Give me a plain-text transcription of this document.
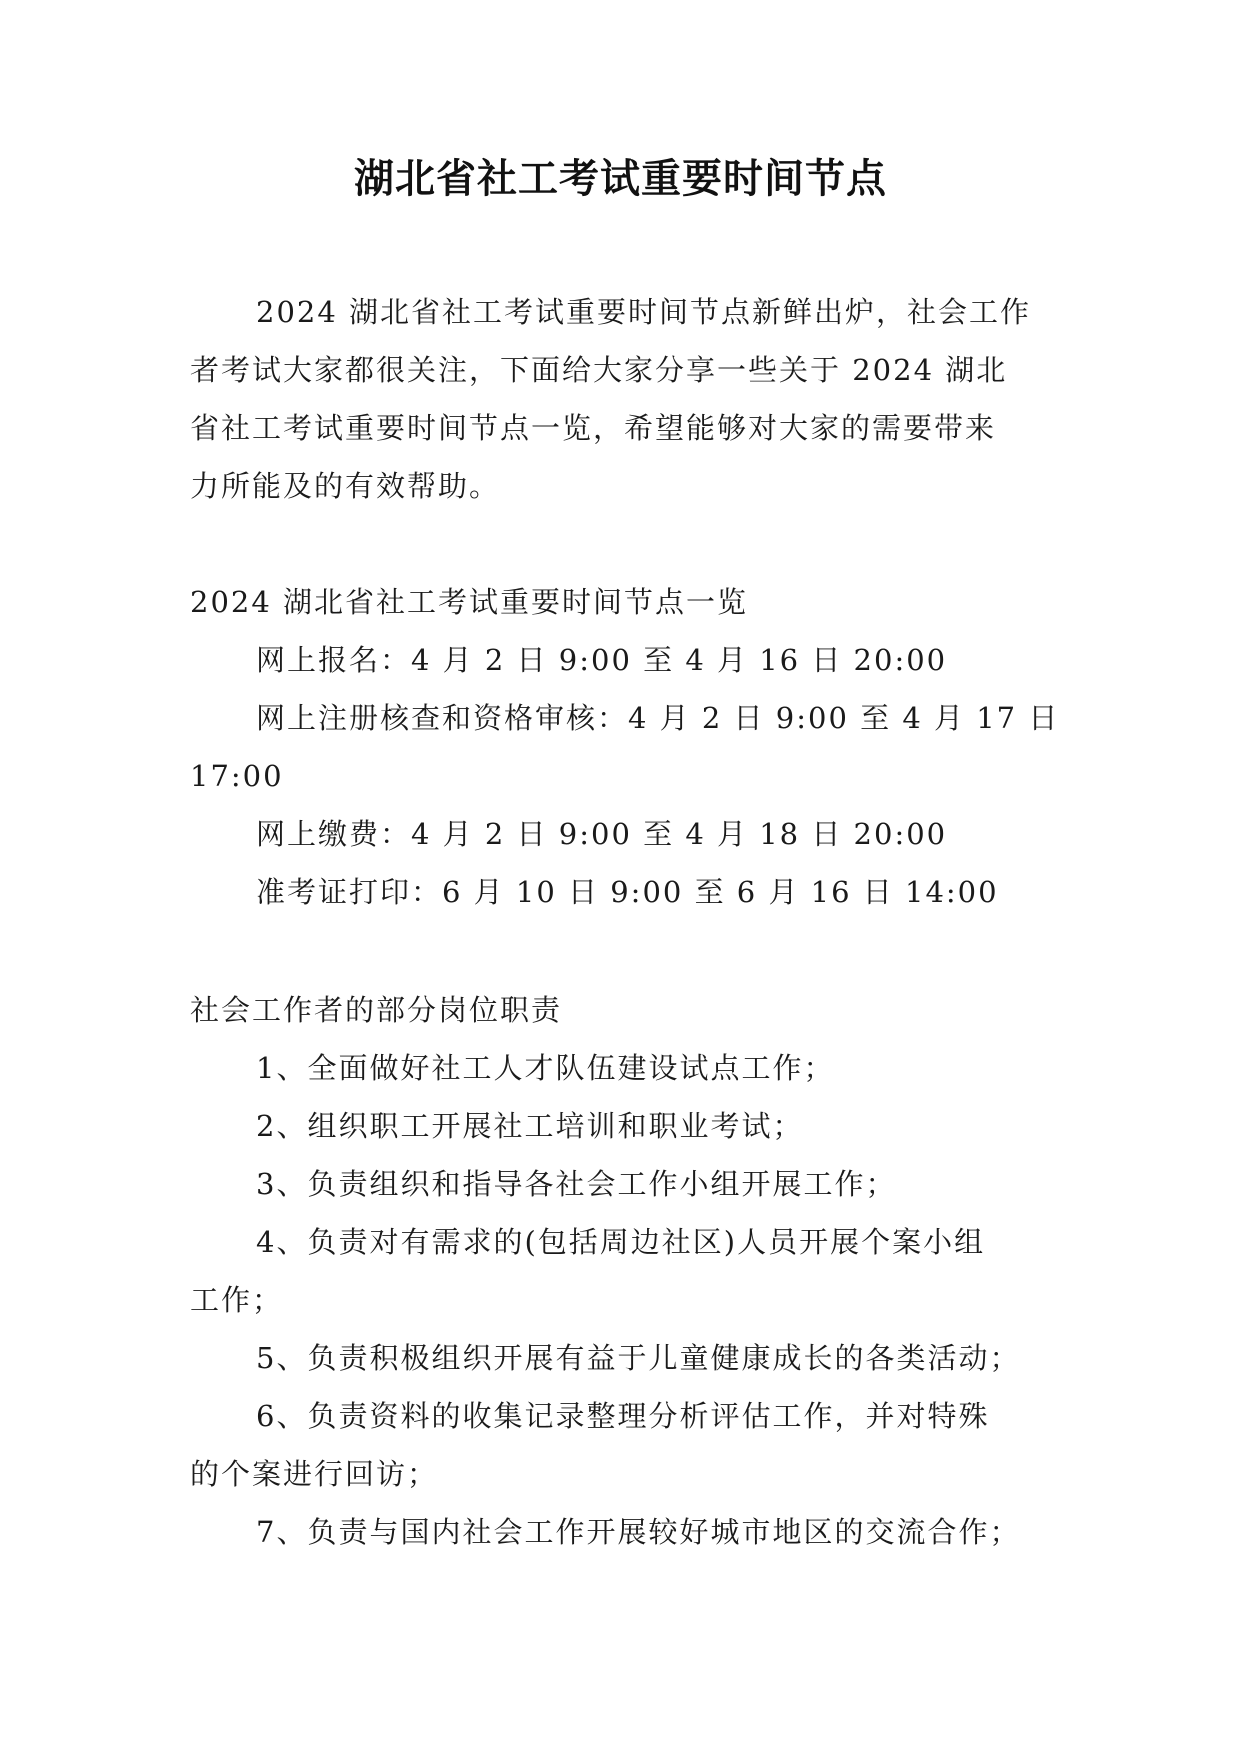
湖北省社工考试重要时间节点
2024 湖北省社工考试重要时间节点新鲜出炉，社会工作
者考试大家都很关注，下面给大家分享一些关于 2024 湖北
省社工考试重要时间节点一览，希望能够对大家的需要带来
力所能及的有效帮助。
2024 湖北省社工考试重要时间节点一览
网上报名：4 月 2 日 9:00 至 4 月 16 日 20:00
网上注册核查和资格审核：4 月 2 日 9:00 至 4 月 17 日
17:00
网上缴费：4 月 2 日 9:00 至 4 月 18 日 20:00
准考证打印：6 月 10 日 9:00 至 6 月 16 日 14:00
社会工作者的部分岗位职责
1、全面做好社工人才队伍建设试点工作；
2、组织职工开展社工培训和职业考试；
3、负责组织和指导各社会工作小组开展工作；
4、负责对有需求的(包括周边社区)人员开展个案小组
工作；
5、负责积极组织开展有益于儿童健康成长的各类活动；
6、负责资料的收集记录整理分析评估工作，并对特殊
的个案进行回访；
7、负责与国内社会工作开展较好城市地区的交流合作；
